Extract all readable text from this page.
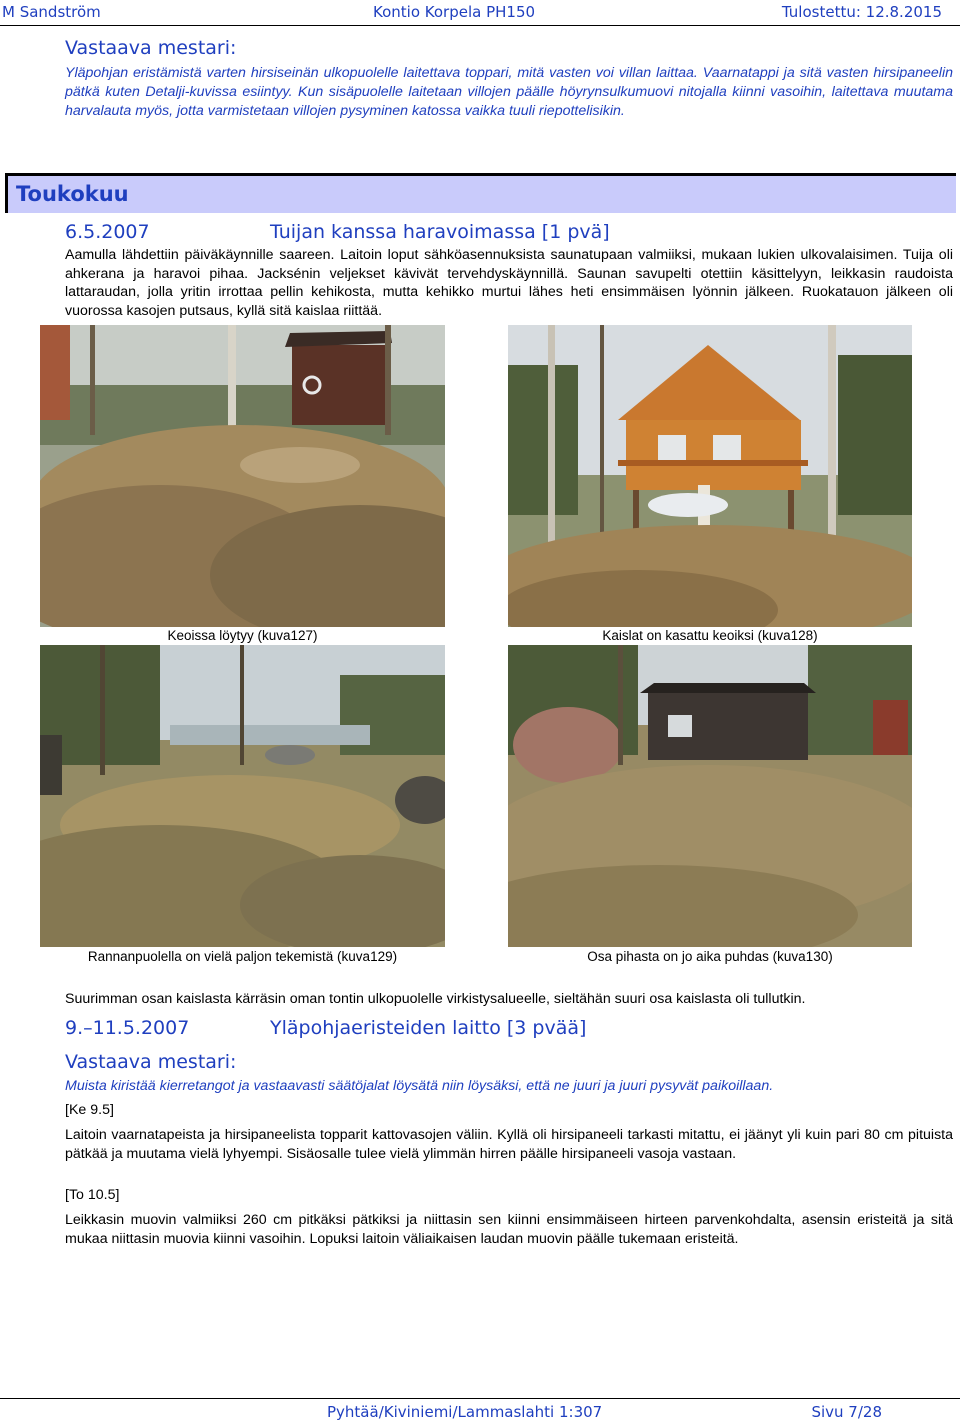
M Sandström	Kontio Korpela PH150	Tulostettu: 12.8.2015
Vastaava mestari:
Yläpohjan eristämistä varten hirsiseinän ulkopuolelle laitettava toppari, mitä vasten voi villan laittaa. Vaarnatappi ja sitä vasten hirsipaneelin pätkä kuten Detalji-kuvissa esiintyy. Kun sisäpuolelle laitetaan villojen päälle höyrynsulkumuovi nitojalla kiinni vasoihin, laitettava muutama harvalauta myös, jotta varmistetaan villojen pysyminen katossa vaikka tuuli riepottelisikin.
Toukokuu
6.5.2007	Tuijan kanssa haravoimassa [1 pvä]
Aamulla lähdettiin päiväkäynnille saareen. Laitoin loput sähköasennuksista saunatupaan valmiiksi, mukaan lukien ulkovalaisimen. Tuija oli ahkerana ja haravoi pihaa. Jacksénin veljekset kävivät tervehdyskäynnillä. Saunan savupelti otettiin käsittelyyn, leikkasin raudoista lattaraudan, jolla yritin irrottaa pellin kehikosta, mutta kehikko murtui lähes heti ensimmäisen lyönnin jälkeen. Ruokatauon jälkeen oli vuorossa kasojen putsaus, kyllä sitä kaislaa riittää.
Keoissa löytyy (kuva127)	Kaislat on kasattu keoiksi (kuva128)
Rannanpuolella on vielä paljon tekemistä (kuva129)	Osa pihasta on jo aika puhdas (kuva130)
Suurimman osan kaislasta kärräsin oman tontin ulkopuolelle virkistysalueelle, sieltähän suuri osa kaislasta oli tullutkin.
9.–11.5.2007	Yläpohjaeristeiden laitto [3 pvää]
Vastaava mestari:
Muista kiristää kierretangot ja vastaavasti säätöjalat löysätä niin löysäksi, että ne juuri ja juuri pysyvät paikoillaan.
[Ke 9.5]
Laitoin vaarnatapeista ja hirsipaneelista topparit kattovasojen väliin. Kyllä oli hirsipaneeli tarkasti mitattu, ei jäänyt yli kuin pari 80 cm pituista pätkää ja muutama vielä lyhyempi. Sisäosalle tulee vielä ylimmän hirren päälle hirsipaneeli vasoja vastaan.
[To 10.5]
Leikkasin muovin valmiiksi 260 cm pitkäksi pätkiksi ja niittasin sen kiinni ensimmäiseen hirteen parvenkohdalta, asensin eristeitä ja sitä mukaa niittasin muovia kiinni vasoihin. Lopuksi laitoin väliaikaisen laudan muovin päälle tukemaan eristeitä.
Pyhtää/Kiviniemi/Lammaslahti 1:307	Sivu 7/28
